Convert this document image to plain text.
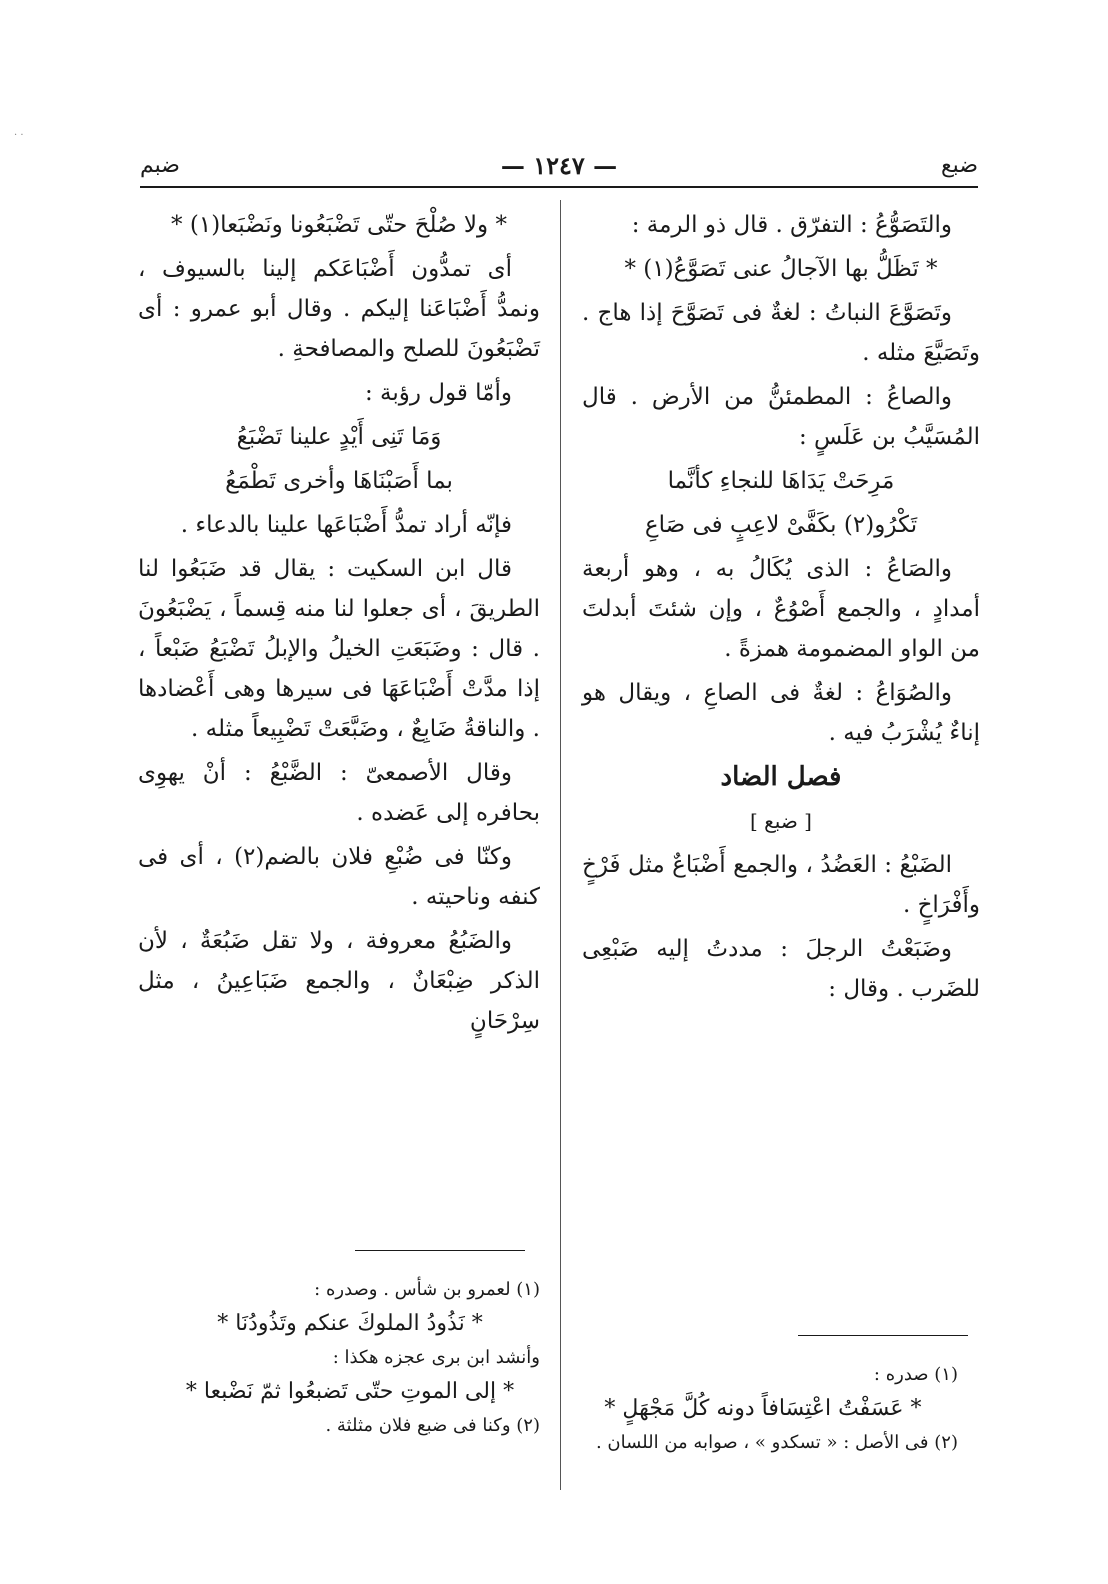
· ·
ضبع
— ١٢٤٧ —
ضبم

والتَصَوُّعُ : التفرّق . قال ذو الرمة :

* تَظَلُّ بها الآجالُ عنى تَصَوَّعُ(١) *

وتَصَوَّعَ النباتُ : لغةٌ فى تَصَوَّحَ إذا هاج . وتَصَيَّعَ مثله .

والصاعُ : المطمئنُّ من الأرض . قال المُسَيَّبُ بن عَلَسٍ :

مَرِحَتْ يَدَاهَا للنجاءِ كأنَّما

تَكْرُو(٢) بكَفَّىْ لاعِبٍ فى صَاعِ

والصَاعُ : الذى يُكَالُ به ، وهو أربعة أمدادٍ ، والجمع أَصْوُعٌ ، وإن شئتَ أبدلتَ من الواو المضمومة همزةً .

والصُوَاعُ : لغةٌ فى الصاعِ ، ويقال هو إناءٌ يُشْرَبُ فيه .

فصل الضاد

[ ضبع ]

الضَبْعُ : العَضُدُ ، والجمع أَضْبَاعٌ مثل فَرْخٍ وأَفْرَاخٍ .

وضَبَعْتُ الرجلَ : مددتُ إليه ضَبْعِى للضَرب . وقال :

* ولا صُلْحَ حتّى تَضْبَعُونا ونَضْبَعا(١) *

أى تمدُّون أَضْبَاعَكم إلينا بالسيوف ، ونمدُّ أَضْبَاعَنا إليكم . وقال أبو عمرو : أى تَضْبَعُونَ للصلح والمصافحةِ .

وأمّا قول رؤبة :

وَمَا تَنِى أَيْدٍ علينا تَضْبَعُ

بما أَصَبْنَاهَا وأخرى تَطْمَعُ

فإنّه أراد تمدُّ أَضْبَاعَها علينا بالدعاء .

قال ابن السكيت : يقال قد ضَبَعُوا لنا الطريقَ ، أى جعلوا لنا منه قِسماً ، يَضْبَعُونَ . قال : وضَبَعَتِ الخيلُ والإبلُ تَضْبَعُ ضَبْعاً ، إذا مدَّتْ أَضْبَاعَهَا فى سيرها وهى أَعْضادها . والناقةُ ضَابِعٌ ، وضَبَّعَتْ تَضْبِيعاً مثله .

وقال الأصمعىّ : الضَّبْعُ : أنْ يهوِى بحافره إلى عَضده .

وكنّا فى ضُبْعِ فلان بالضم(٢) ، أى فى كنفه وناحيته .

والضَبُعُ معروفة ، ولا تقل ضَبُعَةٌ ، لأن الذكر ضِبْعَانٌ ، والجمع ضَبَاعِينُ ، مثل سِرْحَانٍ

(١) صدره :

* عَسَفْتُ اعْتِسَافاً دونه كُلَّ مَجْهَلٍ *

(٢) فى الأصل : « تسكدو » ، صوابه من اللسان .

(١) لعمرو بن شأس . وصدره :

* نَذُودُ الملوكَ عنكم وتَذُودُنَا *

وأنشد ابن برى عجزه هكذا :

* إلى الموتِ حتّى تَضبعُوا ثمّ نَضْبعا *

(٢) وكنا فى ضبع فلان مثلثة .
